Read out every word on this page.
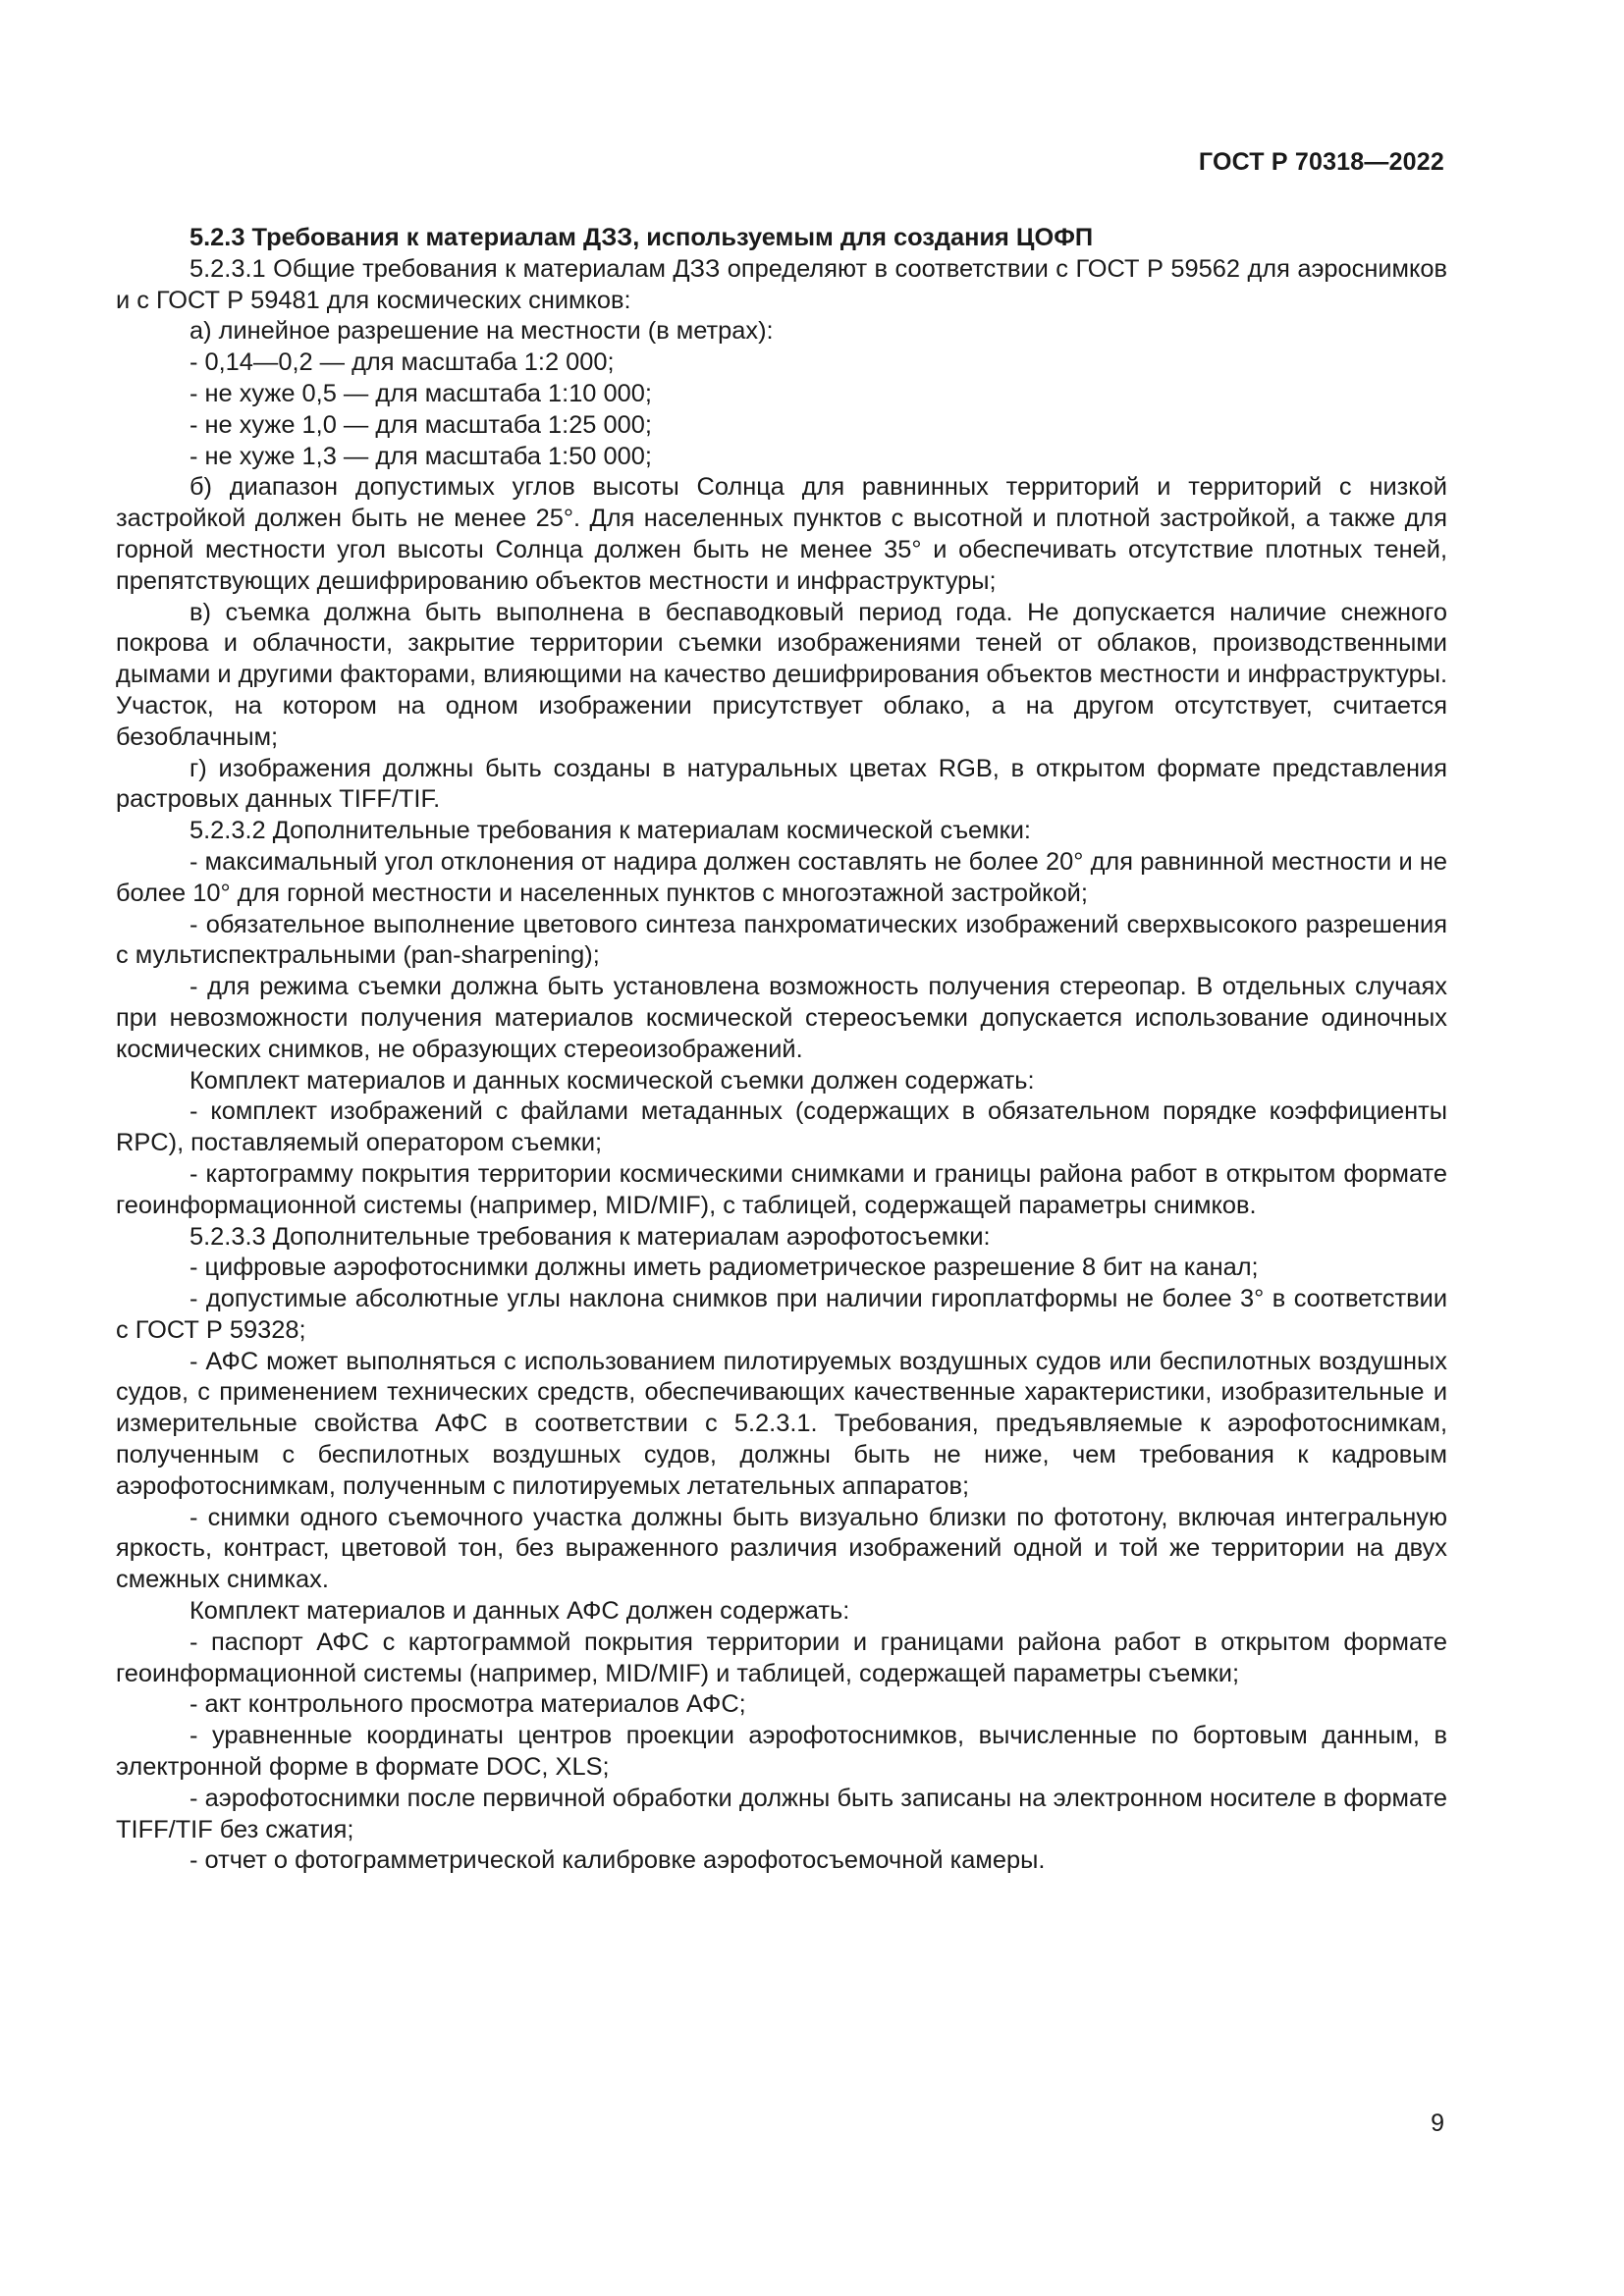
ГОСТ Р 70318—2022

5.2.3 Требования к материалам ДЗЗ, используемым для создания ЦОФП

5.2.3.1 Общие требования к материалам ДЗЗ определяют в соответствии с ГОСТ Р 59562 для аэроснимков и с ГОСТ Р 59481 для космических снимков:

а) линейное разрешение на местности (в метрах):

- 0,14—0,2 — для масштаба 1:2 000;

- не хуже 0,5 — для масштаба 1:10 000;

- не хуже 1,0 — для масштаба 1:25 000;

- не хуже 1,3 — для масштаба 1:50 000;

б) диапазон допустимых углов высоты Солнца для равнинных территорий и территорий с низкой застройкой должен быть не менее 25°. Для населенных пунктов с высотной и плотной застройкой, а также для горной местности угол высоты Солнца должен быть не менее 35° и обеспечивать отсутствие плотных теней, препятствующих дешифрированию объектов местности и инфраструктуры;

в) съемка должна быть выполнена в беспаводковый период года. Не допускается наличие снежного покрова и облачности, закрытие территории съемки изображениями теней от облаков, производственными дымами и другими факторами, влияющими на качество дешифрирования объектов местности и инфраструктуры. Участок, на котором на одном изображении присутствует облако, а на другом отсутствует, считается безоблачным;

г) изображения должны быть созданы в натуральных цветах RGB, в открытом формате представления растровых данных TIFF/TIF.

5.2.3.2 Дополнительные требования к материалам космической съемки:

- максимальный угол отклонения от надира должен составлять не более 20° для равнинной местности и не более 10° для горной местности и населенных пунктов с многоэтажной застройкой;

- обязательное выполнение цветового синтеза панхроматических изображений сверхвысокого разрешения с мультиспектральными (pan-sharpening);

- для режима съемки должна быть установлена возможность получения стереопар. В отдельных случаях при невозможности получения материалов космической стереосъемки допускается использование одиночных космических снимков, не образующих стереоизображений.

Комплект материалов и данных космической съемки должен содержать:

- комплект изображений с файлами метаданных (содержащих в обязательном порядке коэффициенты RPC), поставляемый оператором съемки;

- картограмму покрытия территории космическими снимками и границы района работ в открытом формате геоинформационной системы (например, MID/MIF), с таблицей, содержащей параметры снимков.

5.2.3.3 Дополнительные требования к материалам аэрофотосъемки:

- цифровые аэрофотоснимки должны иметь радиометрическое разрешение 8 бит на канал;

- допустимые абсолютные углы наклона снимков при наличии гироплатформы не более 3° в соответствии с ГОСТ Р 59328;

- АФС может выполняться с использованием пилотируемых воздушных судов или беспилотных воздушных судов, с применением технических средств, обеспечивающих качественные характеристики, изобразительные и измерительные свойства АФС в соответствии с 5.2.3.1. Требования, предъявляемые к аэрофотоснимкам, полученным с беспилотных воздушных судов, должны быть не ниже, чем требования к кадровым аэрофотоснимкам, полученным с пилотируемых летательных аппаратов;

- снимки одного съемочного участка должны быть визуально близки по фототону, включая интегральную яркость, контраст, цветовой тон, без выраженного различия изображений одной и той же территории на двух смежных снимках.

Комплект материалов и данных АФС должен содержать:

- паспорт АФС с картограммой покрытия территории и границами района работ в открытом формате геоинформационной системы (например, MID/MIF) и таблицей, содержащей параметры съемки;

- акт контрольного просмотра материалов АФС;

- уравненные координаты центров проекции аэрофотоснимков, вычисленные по бортовым данным, в электронной форме в формате DOC, XLS;

- аэрофотоснимки после первичной обработки должны быть записаны на электронном носителе в формате TIFF/TIF без сжатия;

- отчет о фотограмметрической калибровке аэрофотосъемочной камеры.

9
